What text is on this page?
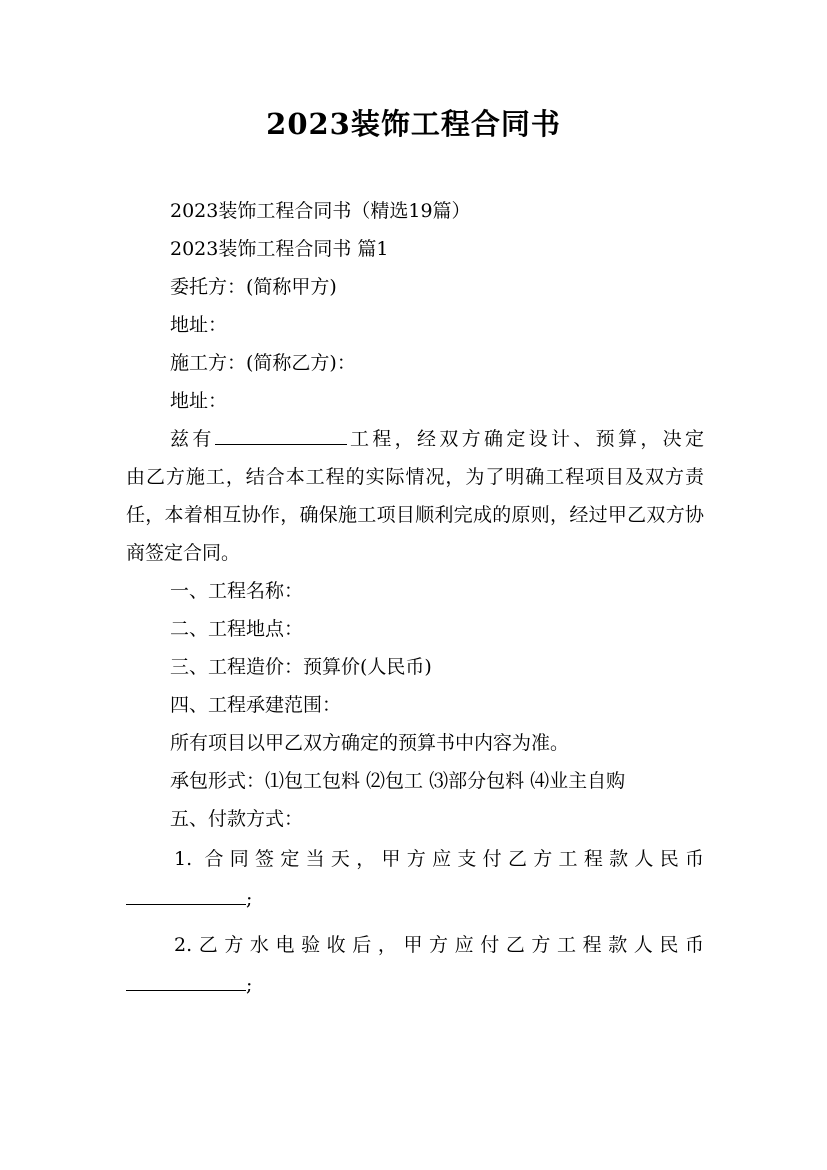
2023装饰工程合同书

2023装饰工程合同书（精选19篇）

2023装饰工程合同书 篇1

委托方：(简称甲方)

地址：

施工方：(简称乙方)：

地址：

兹有	工程，经双方确定设计、预算，决定

由乙方施工，结合本工程的实际情况，为了明确工程项目及双方责任，本着相互协作，确保施工项目顺利完成的原则，经过甲乙双方协商签定合同。

一、工程名称：

二、工程地点：

三、工程造价：预算价(人民币)

四、工程承建范围：

所有项目以甲乙双方确定的预算书中内容为准。

承包形式：⑴包工包料 ⑵包工 ⑶部分包料 ⑷业主自购

五、付款方式：

1. 合同签定当天，甲方应支付乙方工程款人民币

;

2.乙方水电验收后，甲方应付乙方工程款人民币

;
